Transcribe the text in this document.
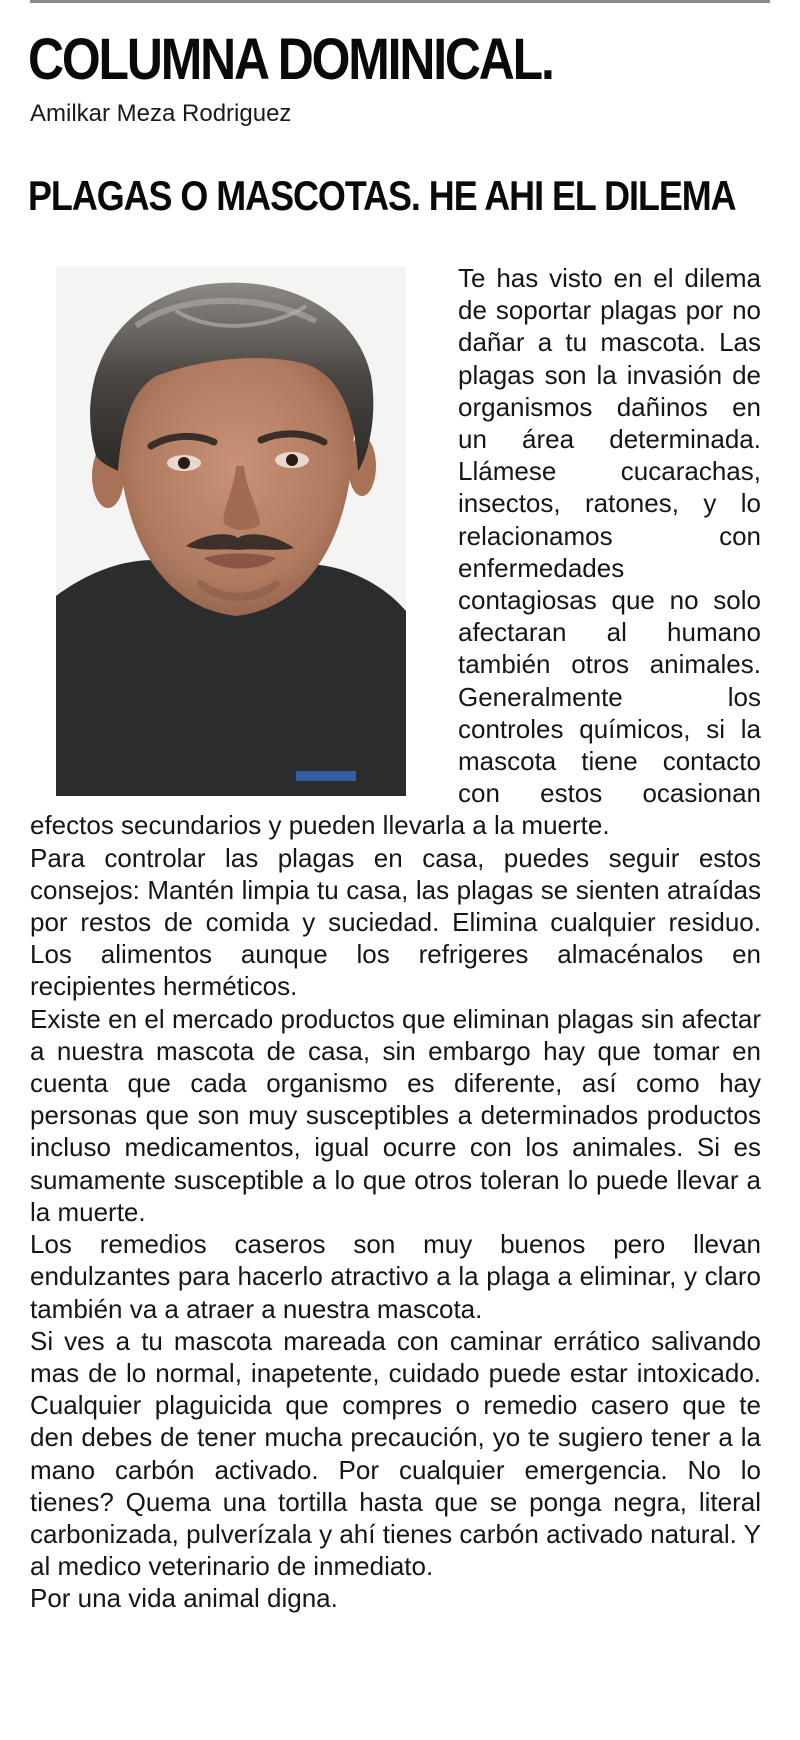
COLUMNA DOMINICAL.
Amilkar Meza Rodriguez
PLAGAS O MASCOTAS. HE AHI EL DILEMA

Te has visto en el dilema de soportar plagas por no dañar a tu mascota. Las plagas son la invasión de organismos dañinos en un área determinada. Llámese cucarachas, insectos, ratones, y lo relacionamos con enfermedades contagiosas que no solo afectaran al humano también otros animales. Generalmente los controles químicos, si la mascota tiene contacto con estos ocasionan efectos secundarios y pueden llevarla a la muerte.

Para controlar las plagas en casa, puedes seguir estos consejos: Mantén limpia tu casa, las plagas se sienten atraídas por restos de comida y suciedad. Elimina cualquier residuo. Los alimentos aunque los refrigeres almacénalos en recipientes herméticos.

Existe en el mercado productos que eliminan plagas sin afectar a nuestra mascota de casa, sin embargo hay que tomar en cuenta que cada organismo es diferente, así como hay personas que son muy susceptibles a determinados productos incluso medicamentos, igual ocurre con los animales. Si es sumamente susceptible a lo que otros toleran lo puede llevar a la muerte.

Los remedios caseros son muy buenos pero llevan endulzantes para hacerlo atractivo a la plaga a eliminar, y claro también va a atraer a nuestra mascota.

Si ves a tu mascota mareada con caminar errático salivando mas de lo normal, inapetente, cuidado puede estar intoxicado. Cualquier plaguicida que compres o remedio casero que te den debes de tener mucha precaución, yo te sugiero tener a la mano carbón activado. Por cualquier emergencia. No lo tienes? Quema una tortilla hasta que se ponga negra, literal carbonizada, pulverízala y ahí tienes carbón activado natural. Y al medico veterinario de inmediato.

Por una vida animal digna.
